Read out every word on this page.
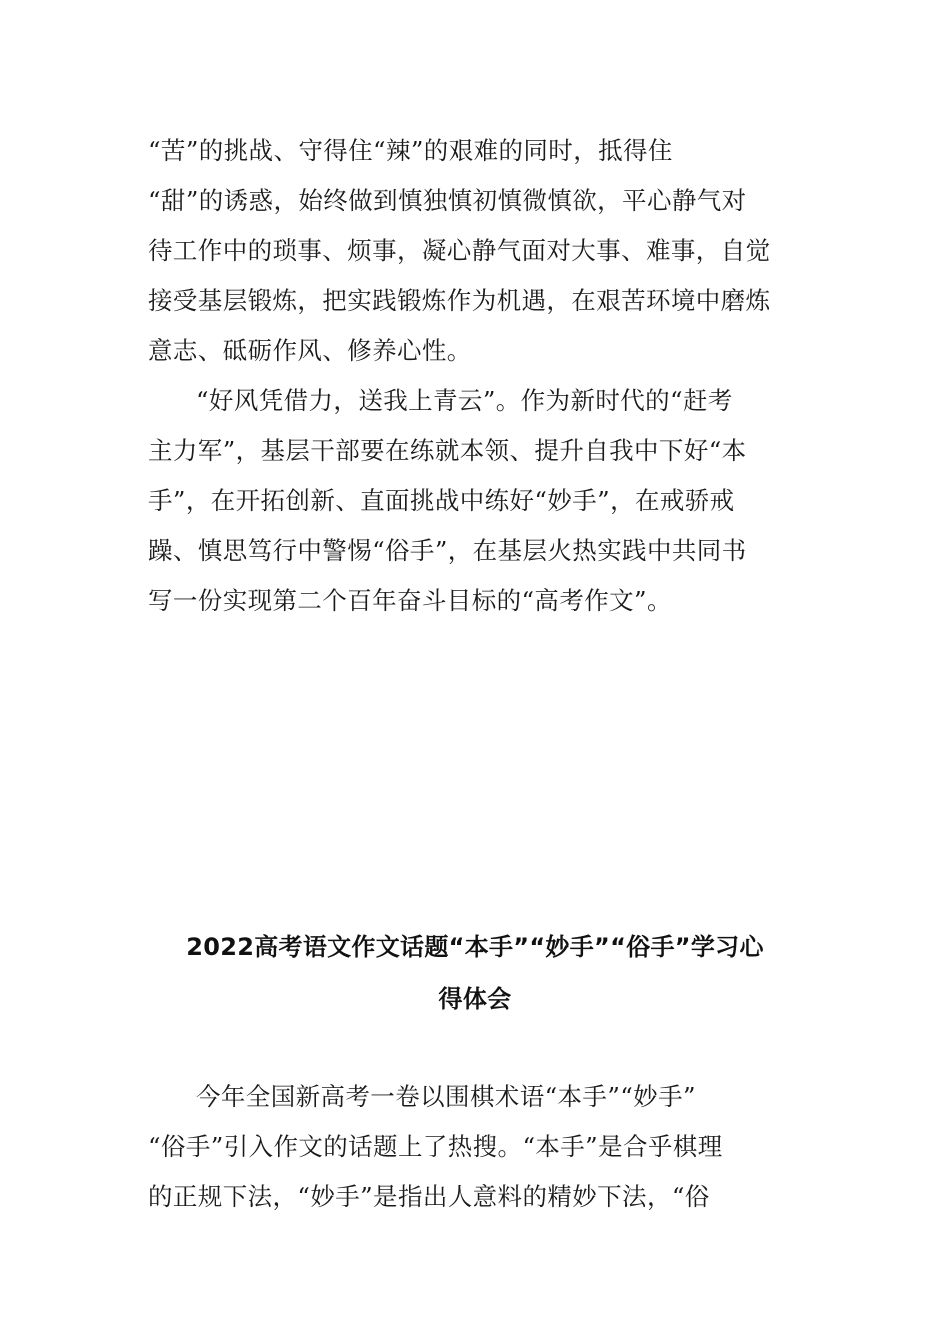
“苦”的挑战、守得住“辣”的艰难的同时，抵得住
“甜”的诱惑，始终做到慎独慎初慎微慎欲，平心静气对
待工作中的琐事、烦事，凝心静气面对大事、难事，自觉
接受基层锻炼，把实践锻炼作为机遇，在艰苦环境中磨炼
意志、砥砺作风、修养心性。
“好风凭借力，送我上青云”。作为新时代的“赶考
主力军”，基层干部要在练就本领、提升自我中下好“本
手”，在开拓创新、直面挑战中练好“妙手”，在戒骄戒
躁、慎思笃行中警惕“俗手”，在基层火热实践中共同书
写一份实现第二个百年奋斗目标的“高考作文”。
2022高考语文作文话题“本手”“妙手”“俗手”学习心
得体会
今年全国新高考一卷以围棋术语“本手”“妙手”
“俗手”引入作文的话题上了热搜。“本手”是合乎棋理
的正规下法，“妙手”是指出人意料的精妙下法，“俗
